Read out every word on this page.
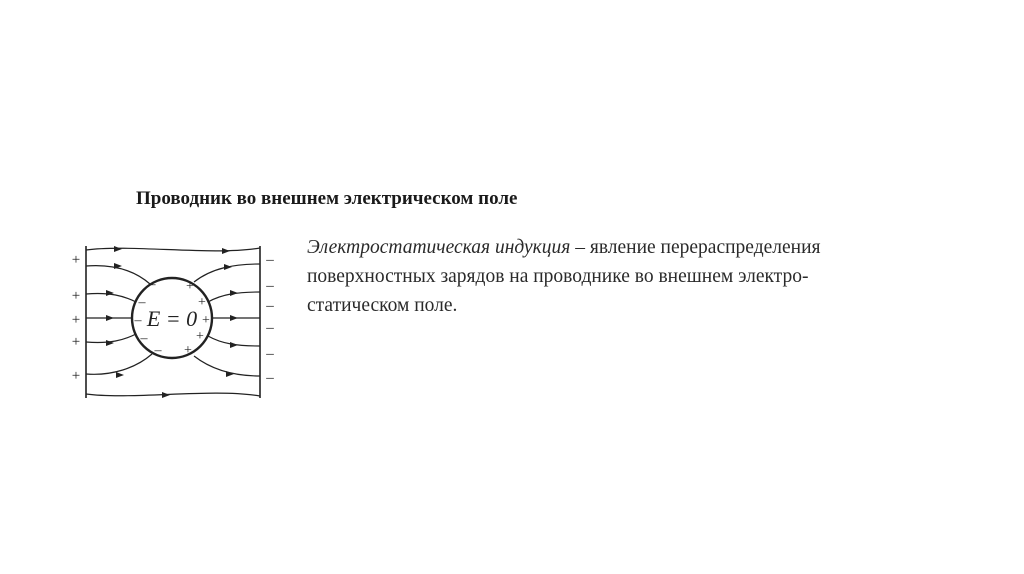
Проводник во внешнем электрическом поле

Электростатическая индукция – явление перераспределения

поверхностных зарядов на проводнике во внешнем электро-

статическом поле.

E = 0
–
–
–
–
–
+
+
+
+
+
+
+
+
+
+
–
–
–
–
–
–
